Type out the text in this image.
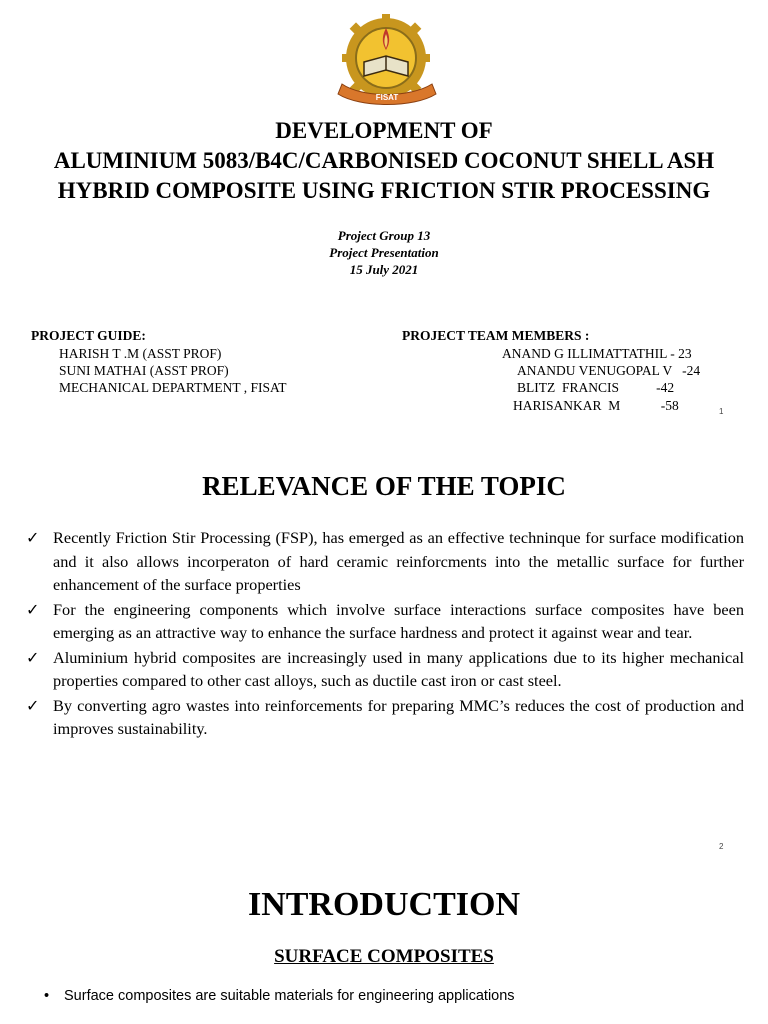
FISAT
DEVELOPMENT OF
ALUMINIUM 5083/B4C/CARBONISED COCONUT SHELL ASH
HYBRID COMPOSITE USING FRICTION STIR PROCESSING
Project Group 13
Project Presentation
15 July 2021
PROJECT GUIDE:
HARISH T .M (ASST PROF)
SUNI MATHAI (ASST PROF)
MECHANICAL DEPARTMENT , FISAT
PROJECT TEAM MEMBERS :
ANAND G ILLIMATTATHIL - 23
ANANDU VENUGOPAL V   -24
BLITZ  FRANCIS           -42
HARISANKAR  M            -58	1
RELEVANCE OF THE TOPIC
✓ Recently Friction Stir Processing (FSP), has emerged as an effective techninque for surface modification and it also allows incorperaton of hard ceramic reinforcments into the metallic surface for further enhancement of the surface properties
✓ For the engineering components which involve surface interactions surface composites have been emerging as an attractive way to enhance the surface hardness and protect it against wear and tear.
✓ Aluminium hybrid composites are increasingly used in many applications due to its higher mechanical properties compared to other cast alloys, such as ductile cast iron or cast steel.
✓ By converting agro wastes into reinforcements for preparing MMC’s reduces the cost of production and improves sustainability.
2
INTRODUCTION
SURFACE COMPOSITES
• Surface composites are suitable materials for engineering applications
